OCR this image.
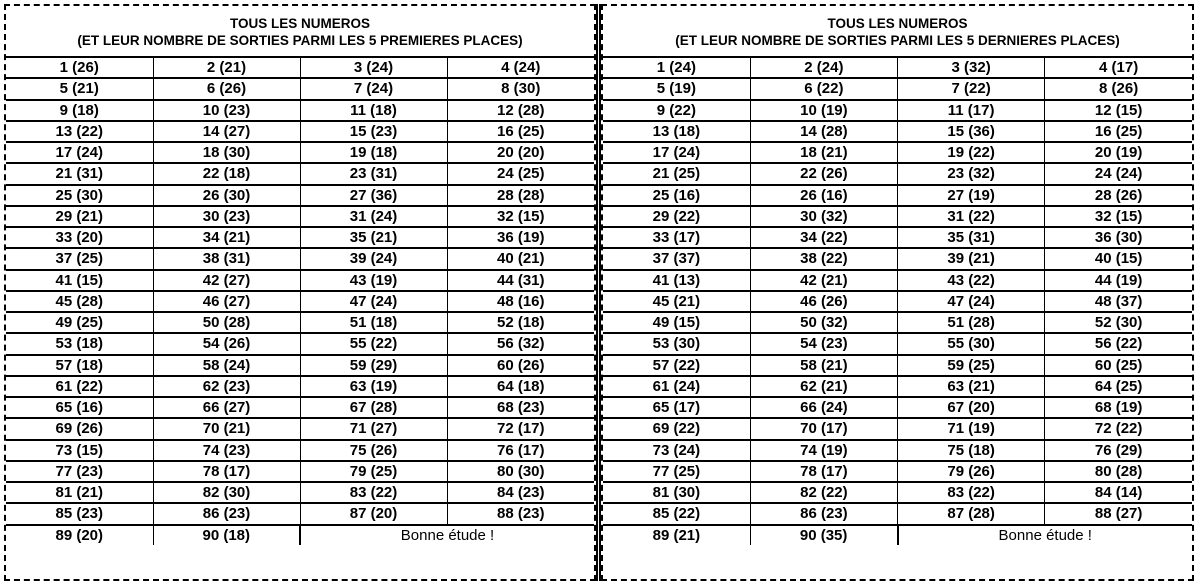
TOUS LES NUMEROS
(ET LEUR NOMBRE DE SORTIES PARMI LES 5 PREMIERES PLACES)
1 (26)	2 (21)	3 (24)	4 (24)
5 (21)	6 (26)	7 (24)	8 (30)
9 (18)	10 (23)	11 (18)	12 (28)
13 (22)	14 (27)	15 (23)	16 (25)
17 (24)	18 (30)	19 (18)	20 (20)
21 (31)	22 (18)	23 (31)	24 (25)
25 (30)	26 (30)	27 (36)	28 (28)
29 (21)	30 (23)	31 (24)	32 (15)
33 (20)	34 (21)	35 (21)	36 (19)
37 (25)	38 (31)	39 (24)	40 (21)
41 (15)	42 (27)	43 (19)	44 (31)
45 (28)	46 (27)	47 (24)	48 (16)
49 (25)	50 (28)	51 (18)	52 (18)
53 (18)	54 (26)	55 (22)	56 (32)
57 (18)	58 (24)	59 (29)	60 (26)
61 (22)	62 (23)	63 (19)	64 (18)
65 (16)	66 (27)	67 (28)	68 (23)
69 (26)	70 (21)	71 (27)	72 (17)
73 (15)	74 (23)	75 (26)	76 (17)
77 (23)	78 (17)	79 (25)	80 (30)
81 (21)	82 (30)	83 (22)	84 (23)
85 (23)	86 (23)	87 (20)	88 (23)
89 (20)	90 (18)	Bonne étude !	
TOUS LES NUMEROS
(ET LEUR NOMBRE DE SORTIES PARMI LES 5 DERNIERES PLACES)
1 (24)	2 (24)	3 (32)	4 (17)
5 (19)	6 (22)	7 (22)	8 (26)
9 (22)	10 (19)	11 (17)	12 (15)
13 (18)	14 (28)	15 (36)	16 (25)
17 (24)	18 (21)	19 (22)	20 (19)
21 (25)	22 (26)	23 (32)	24 (24)
25 (16)	26 (16)	27 (19)	28 (26)
29 (22)	30 (32)	31 (22)	32 (15)
33 (17)	34 (22)	35 (31)	36 (30)
37 (37)	38 (22)	39 (21)	40 (15)
41 (13)	42 (21)	43 (22)	44 (19)
45 (21)	46 (26)	47 (24)	48 (37)
49 (15)	50 (32)	51 (28)	52 (30)
53 (30)	54 (23)	55 (30)	56 (22)
57 (22)	58 (21)	59 (25)	60 (25)
61 (24)	62 (21)	63 (21)	64 (25)
65 (17)	66 (24)	67 (20)	68 (19)
69 (22)	70 (17)	71 (19)	72 (22)
73 (24)	74 (19)	75 (18)	76 (29)
77 (25)	78 (17)	79 (26)	80 (28)
81 (30)	82 (22)	83 (22)	84 (14)
85 (22)	86 (23)	87 (28)	88 (27)
89 (21)	90 (35)	Bonne étude !	
